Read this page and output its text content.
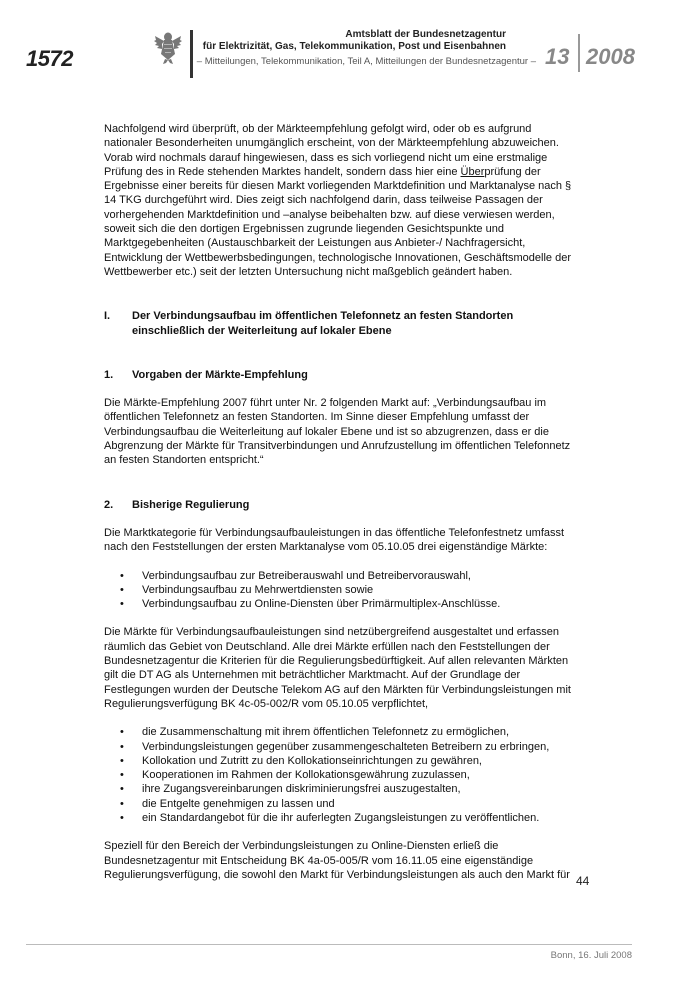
1572
Amtsblatt der Bundesnetzagentur
für Elektrizität, Gas, Telekommunikation, Post und Eisenbahnen
– Mitteilungen, Telekommunikation, Teil A, Mitteilungen der Bundesnetzagentur – 13 2008

Nachfolgend wird überprüft, ob der Märkteempfehlung gefolgt wird, oder ob es aufgrund nationaler Besonderheiten unumgänglich erscheint, von der Märkteempfehlung abzuweichen. Vorab wird nochmals darauf hingewiesen, dass es sich vorliegend nicht um eine erstmalige Prüfung des in Rede stehenden Marktes handelt, sondern dass hier eine Überprüfung der Ergebnisse einer bereits für diesen Markt vorliegenden Marktdefinition und Marktanalyse nach § 14 TKG durchgeführt wird. Dies zeigt sich nachfolgend darin, dass teilweise Passagen der vorhergehenden Marktdefinition und –analyse beibehalten bzw. auf diese verwiesen werden, soweit sich die den dortigen Ergebnissen zugrunde liegenden Gesichtspunkte und Marktgegebenheiten (Austauschbarkeit der Leistungen aus Anbieter-/ Nachfragersicht, Entwicklung der Wettbewerbsbedingungen, technologische Innovationen, Geschäftsmodelle der Wettbewerber etc.) seit der letzten Untersuchung nicht maßgeblich geändert haben.

I.	Der Verbindungsaufbau im öffentlichen Telefonnetz an festen Standorten einschließlich der Weiterleitung auf lokaler Ebene
1.	Vorgaben der Märkte-Empfehlung

Die Märkte-Empfehlung 2007 führt unter Nr. 2 folgenden Markt auf: „Verbindungsaufbau im öffentlichen Telefonnetz an festen Standorten. Im Sinne dieser Empfehlung umfasst der Verbindungsaufbau die Weiterleitung auf lokaler Ebene und ist so abzugrenzen, dass er die Abgrenzung der Märkte für Transitverbindungen und Anrufzustellung im öffentlichen Telefonnetz an festen Standorten entspricht.“

2.	Bisherige Regulierung

Die Marktkategorie für Verbindungsaufbauleistungen in das öffentliche Telefonfestnetz umfasst nach den Feststellungen der ersten Marktanalyse vom 05.10.05 drei eigenständige Märkte:

• Verbindungsaufbau zur Betreiberauswahl und Betreibervorauswahl,
• Verbindungsaufbau zu Mehrwertdiensten sowie
• Verbindungsaufbau zu Online-Diensten über Primärmultiplex-Anschlüsse.

Die Märkte für Verbindungsaufbauleistungen sind netzübergreifend ausgestaltet und erfassen räumlich das Gebiet von Deutschland. Alle drei Märkte erfüllen nach den Feststellungen der Bundesnetzagentur die Kriterien für die Regulierungsbedürftigkeit. Auf allen relevanten Märkten gilt die DT AG als Unternehmen mit beträchtlicher Marktmacht. Auf der Grundlage der Festlegungen wurden der Deutsche Telekom AG auf den Märkten für Verbindungsleistungen mit Regulierungsverfügung BK 4c-05-002/R vom 05.10.05 verpflichtet,

• die Zusammenschaltung mit ihrem öffentlichen Telefonnetz zu ermöglichen,
• Verbindungsleistungen gegenüber zusammengeschalteten Betreibern zu erbringen,
• Kollokation und Zutritt zu den Kollokationseinrichtungen zu gewähren,
• Kooperationen im Rahmen der Kollokationsgewährung zuzulassen,
• ihre Zugangsvereinbarungen diskriminierungsfrei auszugestalten,
• die Entgelte genehmigen zu lassen und
• ein Standardangebot für die ihr auferlegten Zugangsleistungen zu veröffentlichen.

Speziell für den Bereich der Verbindungsleistungen zu Online-Diensten erließ die Bundesnetzagentur mit Entscheidung BK 4a-05-005/R vom 16.11.05 eine eigenständige Regulierungsverfügung, die sowohl den Markt für Verbindungsleistungen als auch den Markt für 44
Bonn, 16. Juli 2008
